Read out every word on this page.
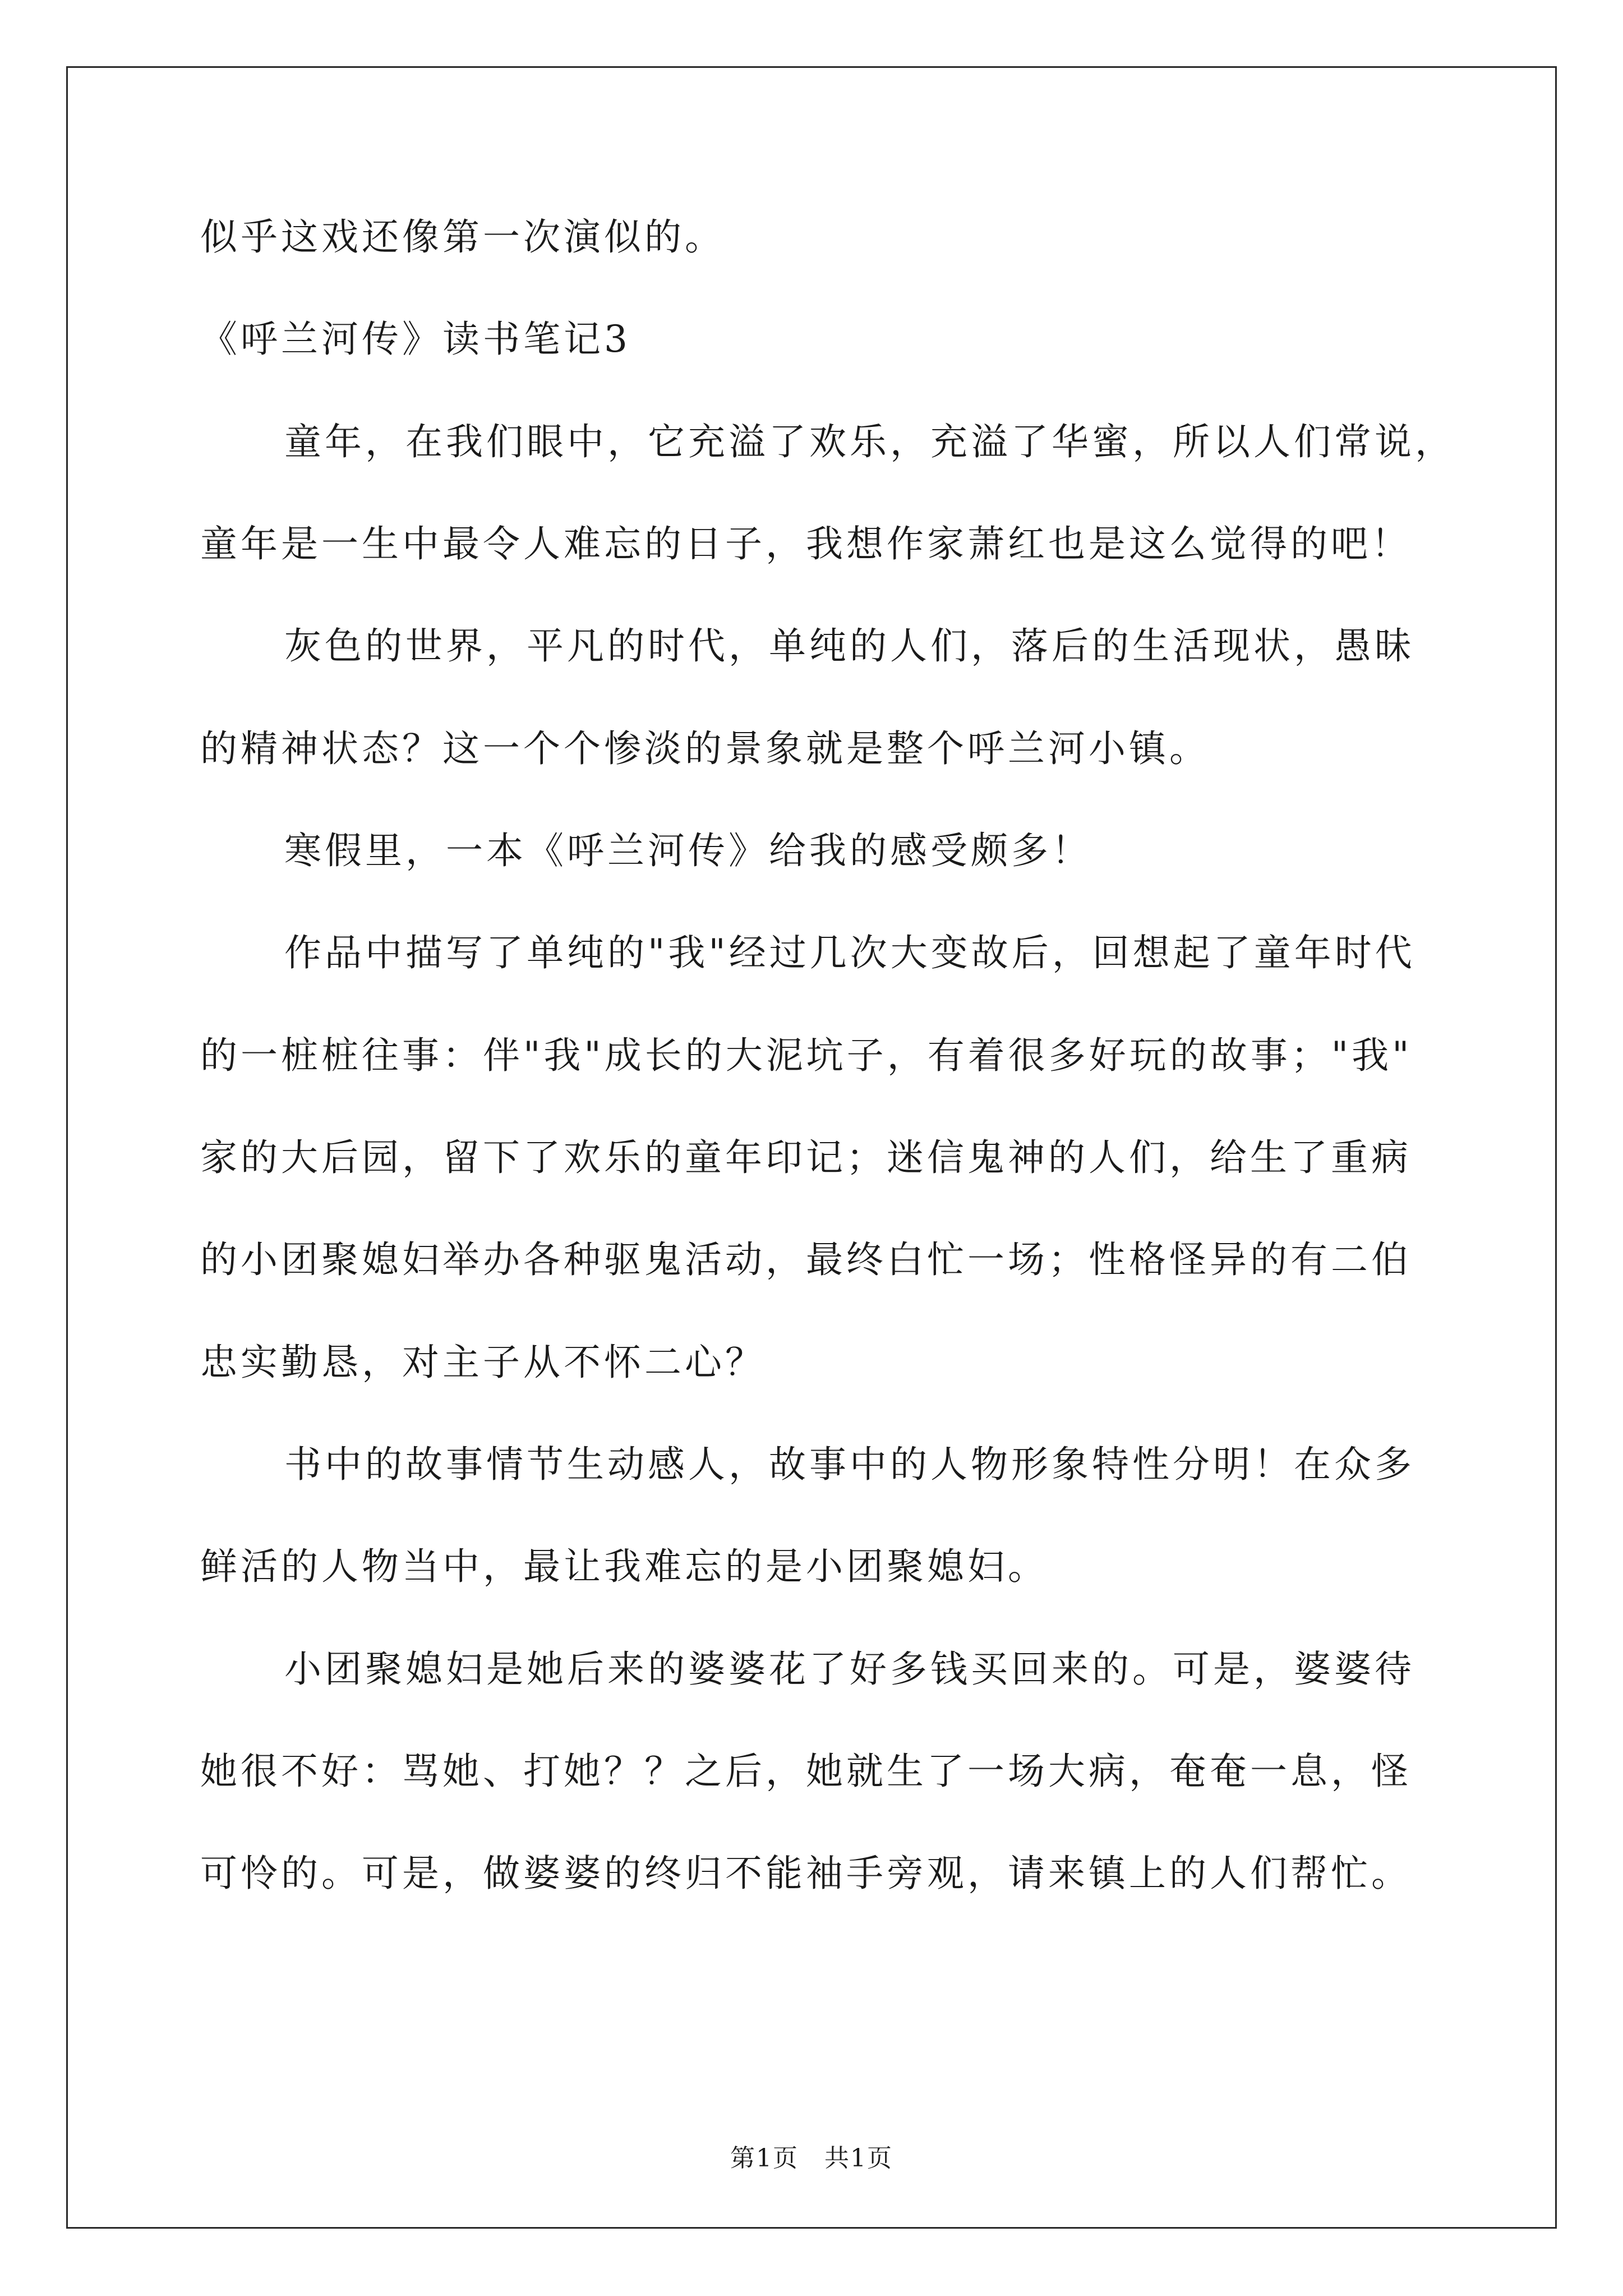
似乎这戏还像第一次演似的。
《呼兰河传》读书笔记3
童年，在我们眼中，它充溢了欢乐，充溢了华蜜，所以人们常说，
童年是一生中最令人难忘的日子，我想作家萧红也是这么觉得的吧！
灰色的世界，平凡的时代，单纯的人们，落后的生活现状，愚昧
的精神状态？这一个个惨淡的景象就是整个呼兰河小镇。
寒假里，一本《呼兰河传》给我的感受颇多！
作品中描写了单纯的"我"经过几次大变故后，回想起了童年时代
的一桩桩往事：伴"我"成长的大泥坑子，有着很多好玩的故事；"我"
家的大后园，留下了欢乐的童年印记；迷信鬼神的人们，给生了重病
的小团聚媳妇举办各种驱鬼活动，最终白忙一场；性格怪异的有二伯
忠实勤恳，对主子从不怀二心？
书中的故事情节生动感人，故事中的人物形象特性分明！在众多
鲜活的人物当中，最让我难忘的是小团聚媳妇。
小团聚媳妇是她后来的婆婆花了好多钱买回来的。可是，婆婆待
她很不好：骂她、打她？？之后，她就生了一场大病，奄奄一息，怪
可怜的。可是，做婆婆的终归不能袖手旁观，请来镇上的人们帮忙。
第1页　共1页
